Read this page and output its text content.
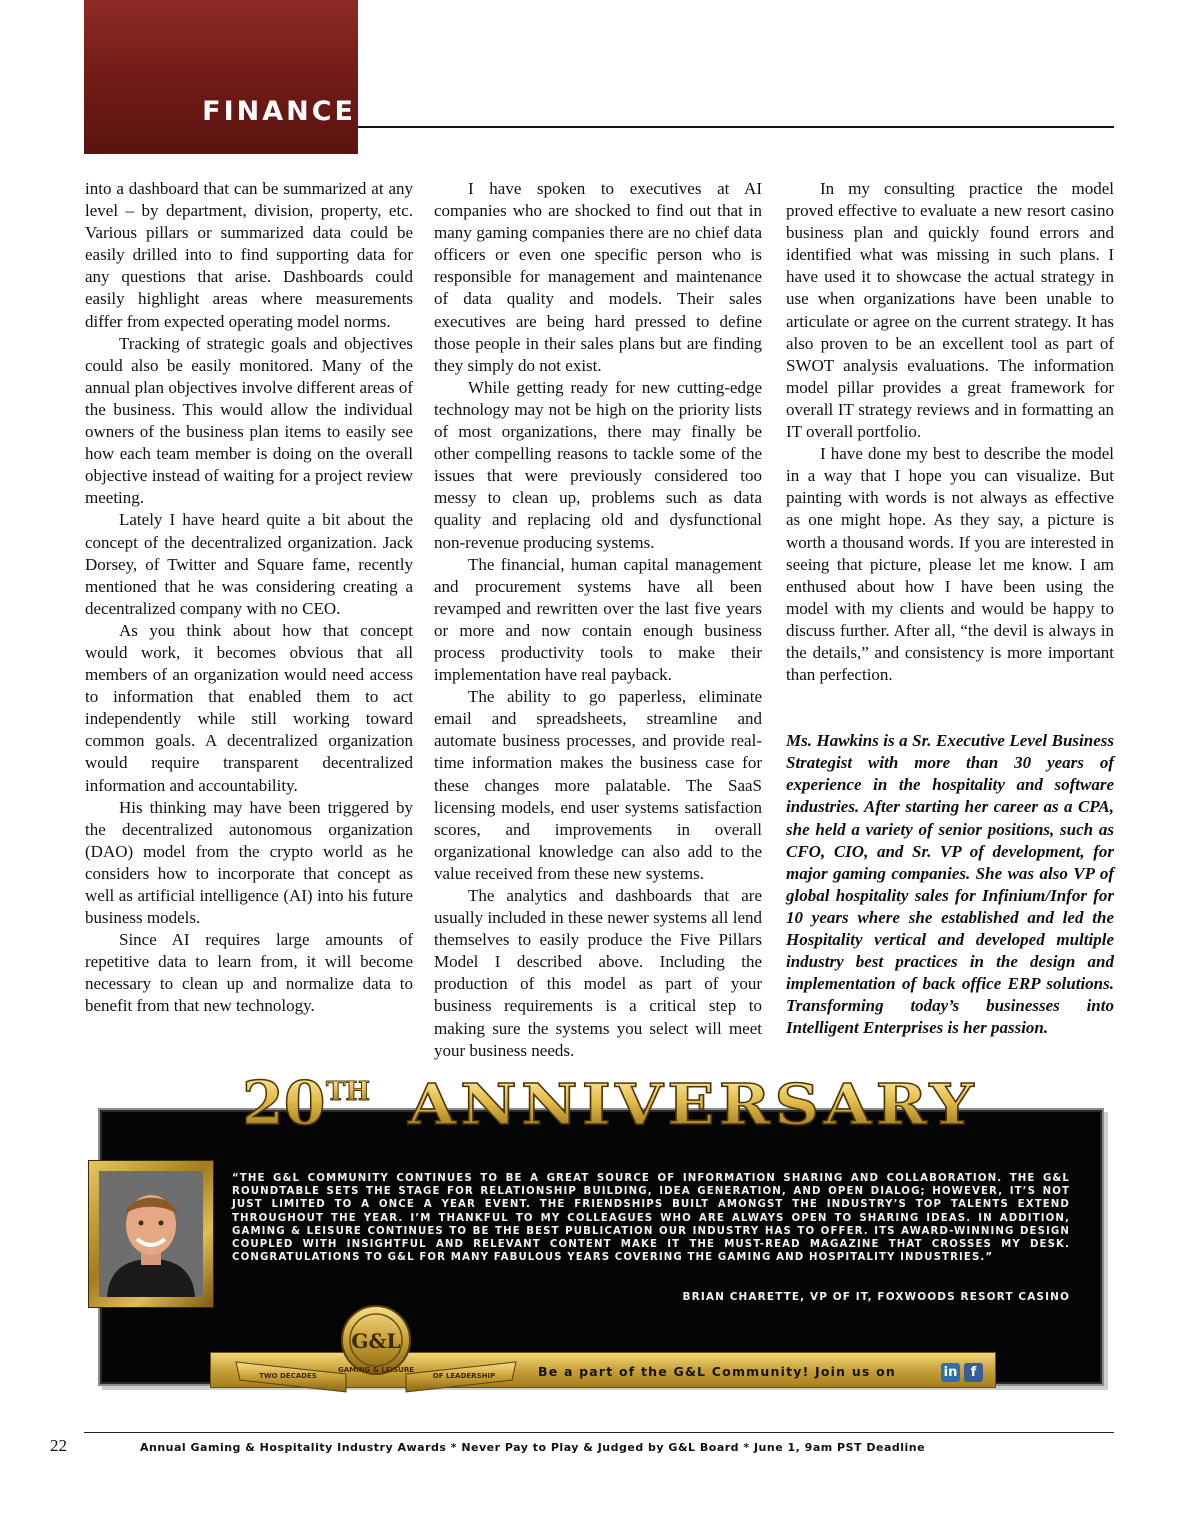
FINANCE

into a dashboard that can be summarized at any level – by department, division, property, etc. Various pillars or summarized data could be easily drilled into to find supporting data for any questions that arise. Dashboards could easily highlight areas where measurements differ from expected operating model norms.

Tracking of strategic goals and objectives could also be easily monitored. Many of the annual plan objectives involve different areas of the business. This would allow the individual owners of the business plan items to easily see how each team member is doing on the overall objective instead of waiting for a project review meeting.

Lately I have heard quite a bit about the concept of the decentralized organization. Jack Dorsey, of Twitter and Square fame, recently mentioned that he was considering creating a decentralized company with no CEO.

As you think about how that concept would work, it becomes obvious that all members of an organization would need access to information that enabled them to act independently while still working toward common goals. A decentralized organization would require transparent decentralized information and accountability.

His thinking may have been triggered by the decentralized autonomous organization (DAO) model from the crypto world as he considers how to incorporate that concept as well as artificial intelligence (AI) into his future business models.

Since AI requires large amounts of repetitive data to learn from, it will become necessary to clean up and normalize data to benefit from that new technology.

I have spoken to executives at AI companies who are shocked to find out that in many gaming companies there are no chief data officers or even one specific person who is responsible for management and maintenance of data quality and models. Their sales executives are being hard pressed to define those people in their sales plans but are finding they simply do not exist.

While getting ready for new cutting-edge technology may not be high on the priority lists of most organizations, there may finally be other compelling reasons to tackle some of the issues that were previously considered too messy to clean up, problems such as data quality and replacing old and dysfunctional non-revenue producing systems.

The financial, human capital management and procurement systems have all been revamped and rewritten over the last five years or more and now contain enough business process productivity tools to make their implementation have real payback.

The ability to go paperless, eliminate email and spreadsheets, streamline and automate business processes, and provide real-time information makes the business case for these changes more palatable. The SaaS licensing models, end user systems satisfaction scores, and improvements in overall organizational knowledge can also add to the value received from these new systems.

The analytics and dashboards that are usually included in these newer systems all lend themselves to easily produce the Five Pillars Model I described above. Including the production of this model as part of your business requirements is a critical step to making sure the systems you select will meet your business needs.

In my consulting practice the model proved effective to evaluate a new resort casino business plan and quickly found errors and identified what was missing in such plans. I have used it to showcase the actual strategy in use when organizations have been unable to articulate or agree on the current strategy. It has also proven to be an excellent tool as part of SWOT analysis evaluations. The information model pillar provides a great framework for overall IT strategy reviews and in formatting an IT overall portfolio.

I have done my best to describe the model in a way that I hope you can visualize. But painting with words is not always as effective as one might hope. As they say, a picture is worth a thousand words. If you are interested in seeing that picture, please let me know. I am enthused about how I have been using the model with my clients and would be happy to discuss further. After all, “the devil is always in the details,” and consistency is more important than perfection.

Ms. Hawkins is a Sr. Executive Level Business Strategist with more than 30 years of experience in the hospitality and software industries. After starting her career as a CPA, she held a variety of senior positions, such as CFO, CIO, and Sr. VP of development, for major gaming companies. She was also VP of global hospitality sales for Infinium/Infor for 10 years where she established and led the Hospitality vertical and developed multiple industry best practices in the design and implementation of back office ERP solutions. Transforming today’s businesses into Intelligent Enterprises is her passion.

20 TH ANNIVERSARY
“THE G&L COMMUNITY CONTINUES TO BE A GREAT SOURCE OF INFORMATION SHARING AND COLLABORATION. THE G&L ROUNDTABLE SETS THE STAGE FOR RELATIONSHIP BUILDING, IDEA GENERATION, AND OPEN DIALOG; HOWEVER, IT’S NOT JUST LIMITED TO A ONCE A YEAR EVENT. THE FRIENDSHIPS BUILT AMONGST THE INDUSTRY’S TOP TALENTS EXTEND THROUGHOUT THE YEAR. I’M THANKFUL TO MY COLLEAGUES WHO ARE ALWAYS OPEN TO SHARING IDEAS. IN ADDITION, GAMING & LEISURE CONTINUES TO BE THE BEST PUBLICATION OUR INDUSTRY HAS TO OFFER. ITS AWARD-WINNING DESIGN COUPLED WITH INSIGHTFUL AND RELEVANT CONTENT MAKE IT THE MUST-READ MAGAZINE THAT CROSSES MY DESK. CONGRATULATIONS TO G&L FOR MANY FABULOUS YEARS COVERING THE GAMING AND HOSPITALITY INDUSTRIES.”
BRIAN CHARETTE, VP OF IT, FOXWOODS RESORT CASINO
G&L
GAMING & LEISURE
TWO DECADES	OF LEADERSHIP	Be a part of the G&L Community! Join us on	in	f
22	Annual Gaming & Hospitality Industry Awards * Never Pay to Play & Judged by G&L Board * June 1, 9am PST Deadline
